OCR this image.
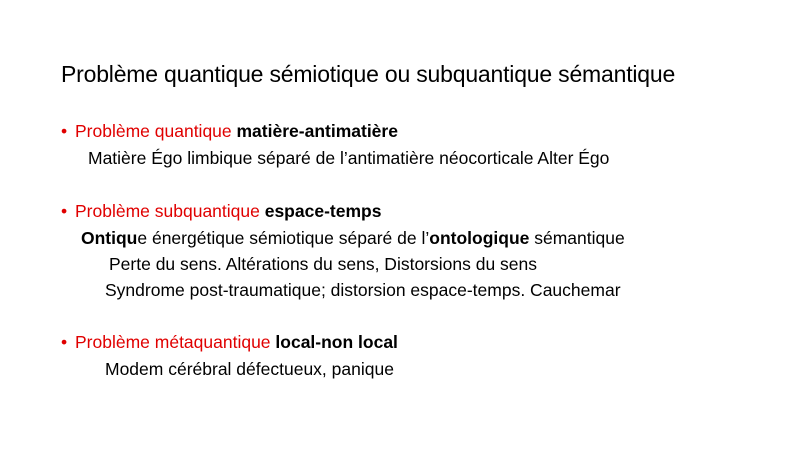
Problème quantique sémiotique ou subquantique sémantique
• Problème quantique matière-antimatière
Matière Égo limbique séparé de l’antimatière néocorticale Alter Égo
• Problème subquantique espace-temps
Ontique énergétique sémiotique séparé de l’ontologique sémantique
Perte du sens. Altérations du sens, Distorsions du sens
Syndrome post-traumatique; distorsion espace-temps. Cauchemar
• Problème métaquantique local-non local
Modem cérébral défectueux, panique
